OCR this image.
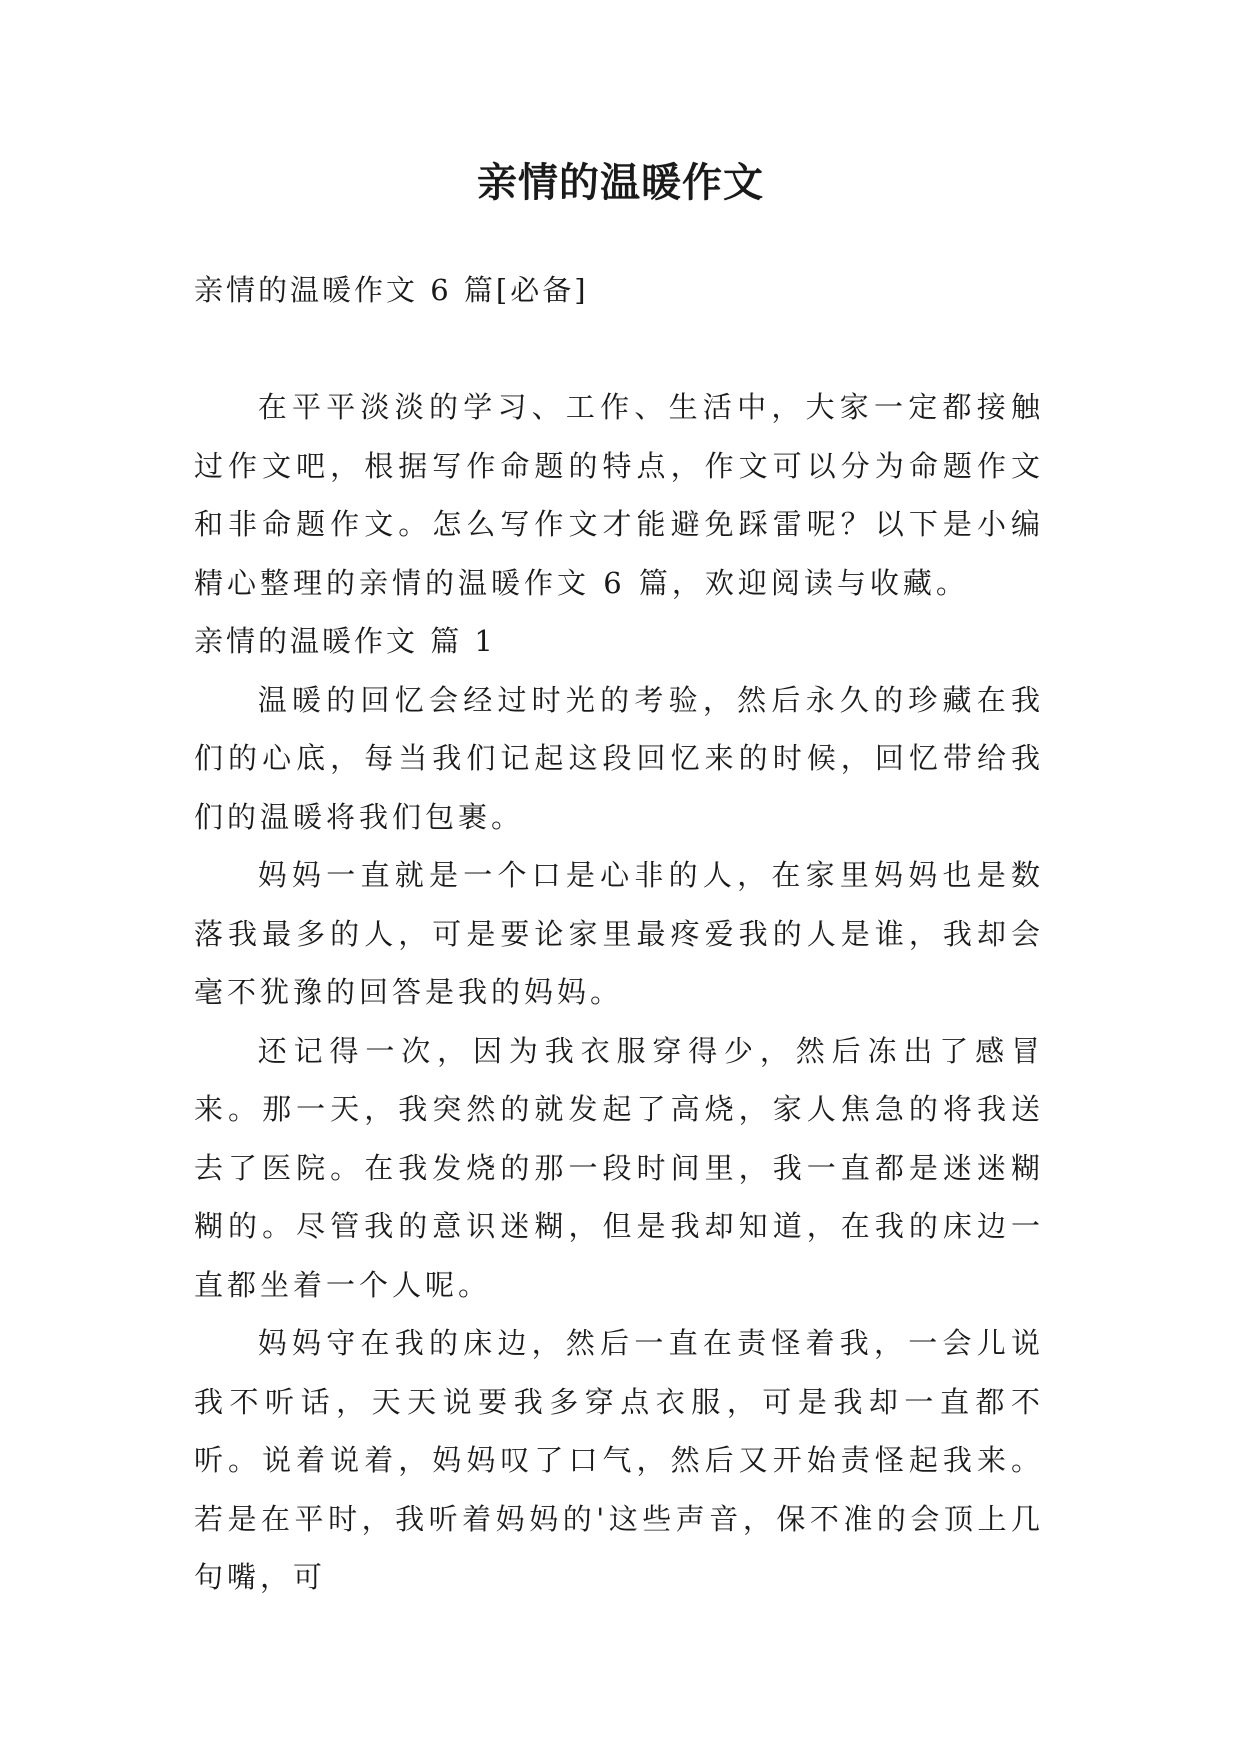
亲情的温暖作文

亲情的温暖作文 6 篇[必备]

在平平淡淡的学习、工作、生活中，大家一定都接触过作文吧，根据写作命题的特点，作文可以分为命题作文和非命题作文。怎么写作文才能避免踩雷呢？以下是小编精心整理的亲情的温暖作文 6 篇，欢迎阅读与收藏。

亲情的温暖作文 篇 1

温暖的回忆会经过时光的考验，然后永久的珍藏在我们的心底，每当我们记起这段回忆来的时候，回忆带给我们的温暖将我们包裹。

妈妈一直就是一个口是心非的人，在家里妈妈也是数落我最多的人，可是要论家里最疼爱我的人是谁，我却会毫不犹豫的回答是我的妈妈。

还记得一次，因为我衣服穿得少，然后冻出了感冒来。那一天，我突然的就发起了高烧，家人焦急的将我送去了医院。在我发烧的那一段时间里，我一直都是迷迷糊糊的。尽管我的意识迷糊，但是我却知道，在我的床边一直都坐着一个人呢。

妈妈守在我的床边，然后一直在责怪着我，一会儿说我不听话，天天说要我多穿点衣服，可是我却一直都不听。说着说着，妈妈叹了口气，然后又开始责怪起我来。若是在平时，我听着妈妈的'这些声音，保不准的会顶上几句嘴，可
